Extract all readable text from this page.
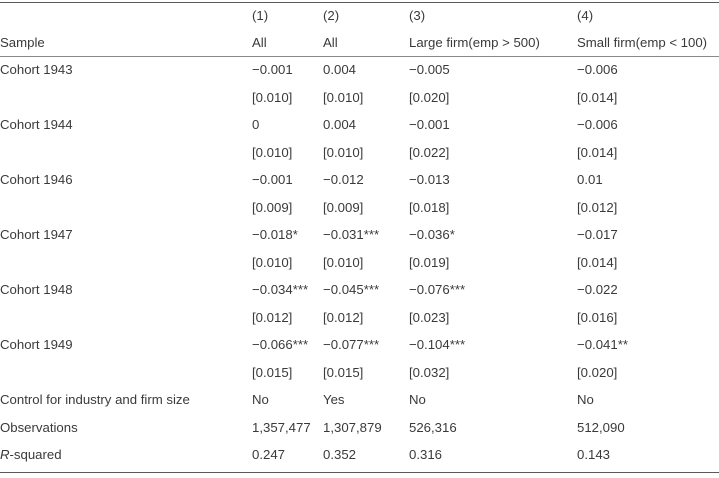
	(1)	(2)	(3)	(4)
Sample	All	All	Large firm(emp > 500)	Small firm(emp < 100)
Cohort 1943	−0.001	0.004	−0.005	−0.006
	[0.010]	[0.010]	[0.020]	[0.014]
Cohort 1944	0	0.004	−0.001	−0.006
	[0.010]	[0.010]	[0.022]	[0.014]
Cohort 1946	−0.001	−0.012	−0.013	0.01
	[0.009]	[0.009]	[0.018]	[0.012]
Cohort 1947	−0.018*	−0.031***	−0.036*	−0.017
	[0.010]	[0.010]	[0.019]	[0.014]
Cohort 1948	−0.034***	−0.045***	−0.076***	−0.022
	[0.012]	[0.012]	[0.023]	[0.016]
Cohort 1949	−0.066***	−0.077***	−0.104***	−0.041**
	[0.015]	[0.015]	[0.032]	[0.020]
Control for industry and firm size	No	Yes	No	No
Observations	1,357,477	1,307,879	526,316	512,090
R-squared	0.247	0.352	0.316	0.143
